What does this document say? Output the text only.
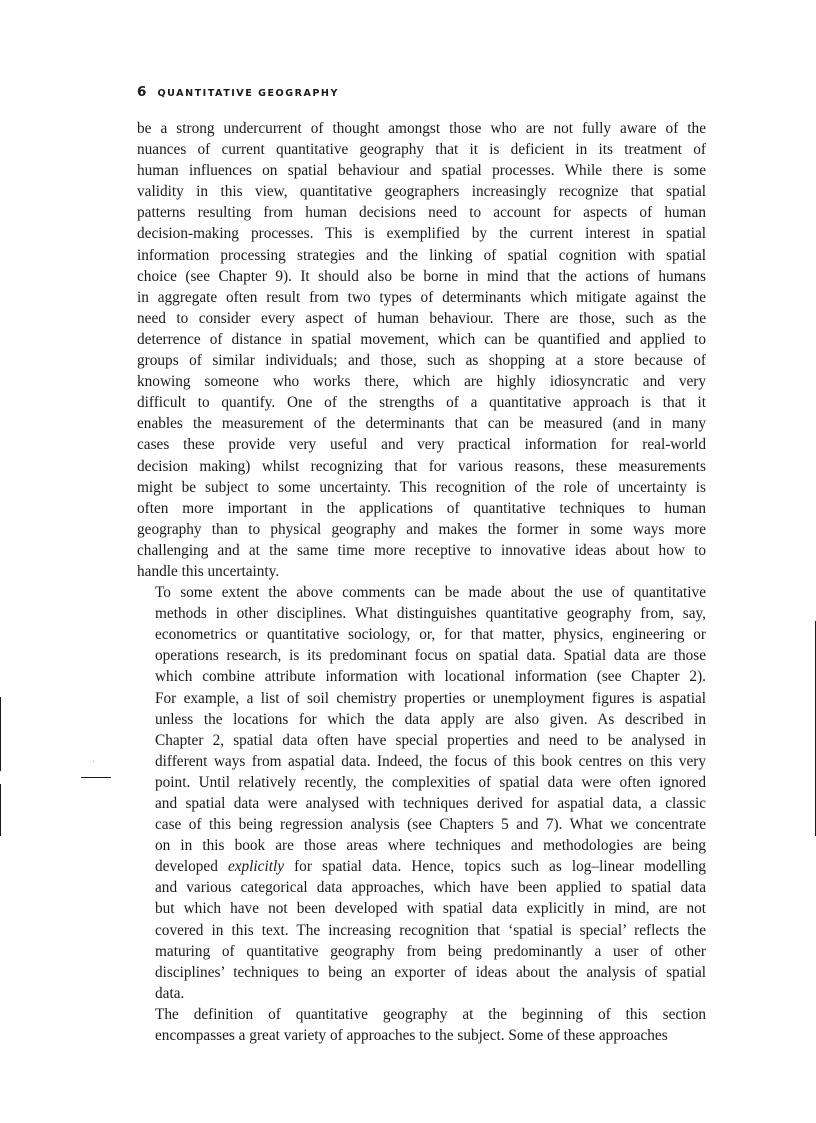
6 QUANTITATIVE GEOGRAPHY

be a strong undercurrent of thought amongst those who are not fully aware of the
nuances of current quantitative geography that it is deficient in its treatment of
human influences on spatial behaviour and spatial processes. While there is some
validity in this view, quantitative geographers increasingly recognize that spatial
patterns resulting from human decisions need to account for aspects of human
decision-making processes. This is exemplified by the current interest in spatial
information processing strategies and the linking of spatial cognition with spatial
choice (see Chapter 9). It should also be borne in mind that the actions of humans
in aggregate often result from two types of determinants which mitigate against the
need to consider every aspect of human behaviour. There are those, such as the
deterrence of distance in spatial movement, which can be quantified and applied to
groups of similar individuals; and those, such as shopping at a store because of
knowing someone who works there, which are highly idiosyncratic and very
difficult to quantify. One of the strengths of a quantitative approach is that it
enables the measurement of the determinants that can be measured (and in many
cases these provide very useful and very practical information for real-world
decision making) whilst recognizing that for various reasons, these measurements
might be subject to some uncertainty. This recognition of the role of uncertainty is
often more important in the applications of quantitative techniques to human
geography than to physical geography and makes the former in some ways more
challenging and at the same time more receptive to innovative ideas about how to
handle this uncertainty.

To some extent the above comments can be made about the use of quantitative
methods in other disciplines. What distinguishes quantitative geography from, say,
econometrics or quantitative sociology, or, for that matter, physics, engineering or
operations research, is its predominant focus on spatial data. Spatial data are those
which combine attribute information with locational information (see Chapter 2).
For example, a list of soil chemistry properties or unemployment figures is aspatial
unless the locations for which the data apply are also given. As described in
Chapter 2, spatial data often have special properties and need to be analysed in
different ways from aspatial data. Indeed, the focus of this book centres on this very
point. Until relatively recently, the complexities of spatial data were often ignored
and spatial data were analysed with techniques derived for aspatial data, a classic
case of this being regression analysis (see Chapters 5 and 7). What we concentrate
on in this book are those areas where techniques and methodologies are being
developed explicitly for spatial data. Hence, topics such as log–linear modelling
and various categorical data approaches, which have been applied to spatial data
but which have not been developed with spatial data explicitly in mind, are not
covered in this text. The increasing recognition that ‘spatial is special’ reflects the
maturing of quantitative geography from being predominantly a user of other
disciplines’ techniques to being an exporter of ideas about the analysis of spatial
data.

The definition of quantitative geography at the beginning of this section
encompasses a great variety of approaches to the subject. Some of these approaches
